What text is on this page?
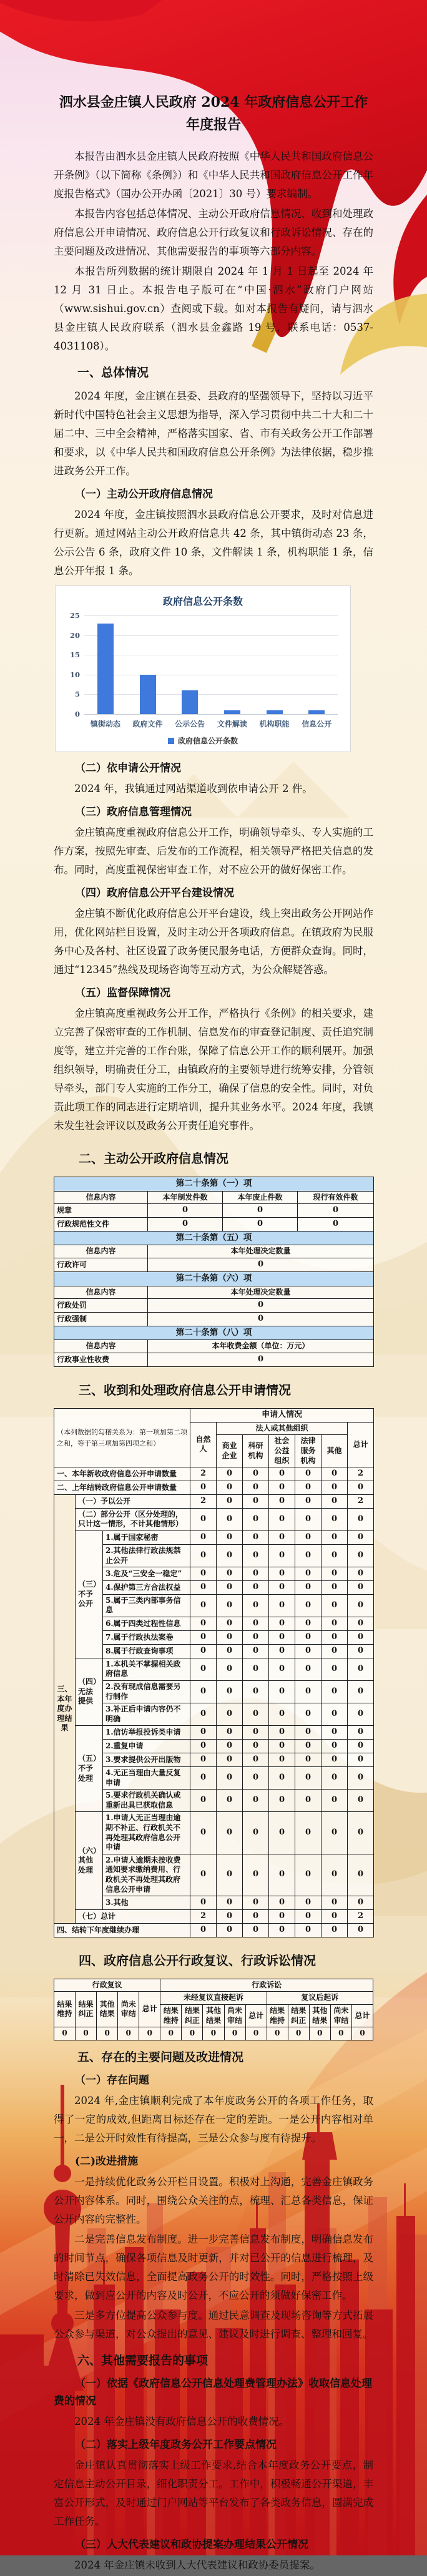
泗水县金庄镇人民政府 2024 年政府信息公开工作年度报告

本报告由泗水县金庄镇人民政府按照《中华人民共和国政府信息公开条例》（以下简称《条例》）和《中华人民共和国政府信息公开工作年度报告格式》（国办公开办函〔2021〕30 号）要求编制。

本报告内容包括总体情况、主动公开政府信息情况、收到和处理政府信息公开申请情况、政府信息公开行政复议和行政诉讼情况、存在的主要问题及改进情况、其他需要报告的事项等六部分内容。

本报告所列数据的统计期限自 2024 年 1 月 1 日起至 2024 年 12 月 31 日止。本报告电子版可在“中国·泗水”政府门户网站（www.sishui.gov.cn）查阅或下载。如对本报告有疑问，请与泗水县金庄镇人民政府联系（泗水县金鑫路 19 号，联系电话：0537-4031108）。

一、总体情况

2024 年度，金庄镇在县委、县政府的坚强领导下，坚持以习近平新时代中国特色社会主义思想为指导，深入学习贯彻中共二十大和二十届二中、三中全会精神，严格落实国家、省、市有关政务公开工作部署和要求，以《中华人民共和国政府信息公开条例》为法律依据，稳步推进政务公开工作。

（一）主动公开政府信息情况

2024 年度，金庄镇按照泗水县政府信息公开要求，及时对信息进行更新。通过网站主动公开政府信息共 42 条，其中镇街动态 23 条，公示公告 6 条，政府文件 10 条，文件解读 1 条，机构职能 1 条，信息公开年报 1 条。

政府信息公开条数
0
5
10
15
20
25
镇街动态	政府文件	公示公告	文件解读	机构职能	信息公开
政府信息公开条数
（二）依申请公开情况

2024 年，我镇通过网站渠道收到依申请公开 2 件。

（三）政府信息管理情况

金庄镇高度重视政府信息公开工作，明确领导牵头、专人实施的工作方案，按照先审查、后发布的工作流程，相关领导严格把关信息的发布。同时，高度重视保密审查工作，对不应公开的做好保密工作。

（四）政府信息公开平台建设情况

金庄镇不断优化政府信息公开平台建设，线上突出政务公开网站作用，优化网站栏目设置，及时主动公开各项政府信息。在镇政府为民服务中心及各村、社区设置了政务便民服务电话，方便群众查询。同时，通过“12345”热线及现场咨询等互动方式，为公众解疑答惑。

（五）监督保障情况

金庄镇高度重视政务公开工作，严格执行《条例》的相关要求，建立完善了保密审查的工作机制、信息发布的审查登记制度、责任追究制度等，建立并完善的工作台账，保障了信息公开工作的顺利展开。加强组织领导，明确责任分工，由镇政府的主要领导进行统筹安排，分管领导牵头，部门专人实施的工作分工，确保了信息的安全性。同时，对负责此项工作的同志进行定期培训，提升其业务水平。2024 年度，我镇未发生社会评议以及政务公开责任追究事件。

二、主动公开政府信息情况
第二十条第（一）项			
信息内容	本年制发件数	本年废止件数	现行有效件数
规章	0	0	0
行政规范性文件	0	0	0
第二十条第（五）项			
信息内容	本年处理决定数量		
行政许可	0		
第二十条第（六）项			
信息内容	本年处理决定数量		
行政处罚	0		
行政强制	0		
第二十条第（八）项			
信息内容	本年收费金额（单位：万元）		
行政事业性收费	0		
三、收到和处理政府信息公开申请情况
（本列数据的勾稽关系为：第一项加第二项之和，等于第三项加第四项之和）			申请人情况						
			自然人	法人或其他组织					总计
				商业企业	科研机构	社会公益组织	法律服务机构	其他	
一、本年新收政府信息公开申请数量			2	0	0	0	0	0	2
二、上年结转政府信息公开申请数量			0	0	0	0	0	0	0
三、本年度办理结果	（一）予以公开		2	0	0	0	0	0	2
	（二）部分公开（区分处理的，只计这一情形，不计其他情形）		0	0	0	0	0	0	0
	（三）不予公开	1.属于国家秘密	0	0	0	0	0	0	0
		2.其他法律行政法规禁止公开	0	0	0	0	0	0	0
		3.危及“三安全一稳定”	0	0	0	0	0	0	0
		4.保护第三方合法权益	0	0	0	0	0	0	0
		5.属于三类内部事务信息	0	0	0	0	0	0	0
		6.属于四类过程性信息	0	0	0	0	0	0	0
		7.属于行政执法案卷	0	0	0	0	0	0	0
		8.属于行政查询事项	0	0	0	0	0	0	0
	（四）无法提供	1.本机关不掌握相关政府信息	0	0	0	0	0	0	0
		2.没有现成信息需要另行制作	0	0	0	0	0	0	0
		3.补正后申请内容仍不明确	0	0	0	0	0	0	0
	（五）不予处理	1.信访举报投诉类申请	0	0	0	0	0	0	0
		2.重复申请	0	0	0	0	0	0	0
		3.要求提供公开出版物	0	0	0	0	0	0	0
		4.无正当理由大量反复申请	0	0	0	0	0	0	0
		5.要求行政机关确认或重新出具已获取信息	0	0	0	0	0	0	0
	（六）其他处理	1.申请人无正当理由逾期不补正、行政机关不再处理其政府信息公开申请	0	0	0	0	0	0	0
		2.申请人逾期未按收费通知要求缴纳费用、行政机关不再处理其政府信息公开申请	0	0	0	0	0	0	0
		3.其他	0	0	0	0	0	0	0
	（七）总计		2	0	0	0	0	0	2
四、结转下年度继续办理			0	0	0	0	0	0	0
四、政府信息公开行政复议、行政诉讼情况
行政复议					行政诉讼									
结果维持	结果纠正	其他结果	尚未审结	总计	未经复议直接起诉					复议后起诉				
					结果维持	结果纠正	其他结果	尚未审结	总计	结果维持	结果纠正	其他结果	尚未审结	总计
0	0	0	0	0	0	0	0	0	0	0	0	0	0	0
五、存在的主要问题及改进情况
（一）存在问题

2024 年,金庄镇顺利完成了本年度政务公开的各项工作任务，取得了一定的成效,但距离目标还存在一定的差距。一是公开内容相对单一，二是公开时效性有待提高，三是公众参与度有待提升。

(二)改进措施

一是持续优化政务公开栏目设置。积极对上沟通，完善金庄镇政务公开内容体系。同时，围绕公众关注的点，梳理、汇总各类信息，保证公开内容的完整性。

二是完善信息发布制度。进一步完善信息发布制度，明确信息发布的时间节点，确保各项信息及时更新，并对已公开的信息进行梳理，及时清除已失效信息，全面提高政务公开的时效性。同时，严格按照上级要求，做到应公开的内容及时公开，不应公开的须做好保密工作。

三是多方位提高公众参与度。通过民意调查及现场咨询等方式拓展公众参与渠道，对公众提出的意见、建议及时进行调查、整理和回复。

六、其他需要报告的事项
（一）依据《政府信息公开信息处理费管理办法》收取信息处理费的情况

2024 年金庄镇没有政府信息公开的收费情况。

（二）落实上级年度政务公开工作要点情况

金庄镇认真贯彻落实上级工作要求,结合本年度政务公开要点，制定信息主动公开目录，细化职责分工。工作中，积极畅通公开渠道，丰富公开形式，及时通过门户网站等平台发布了各类政务信息，圆满完成工作任务。

（三）人大代表建议和政协提案办理结果公开情况

2024 年金庄镇未收到人大代表建议和政协委员提案。
